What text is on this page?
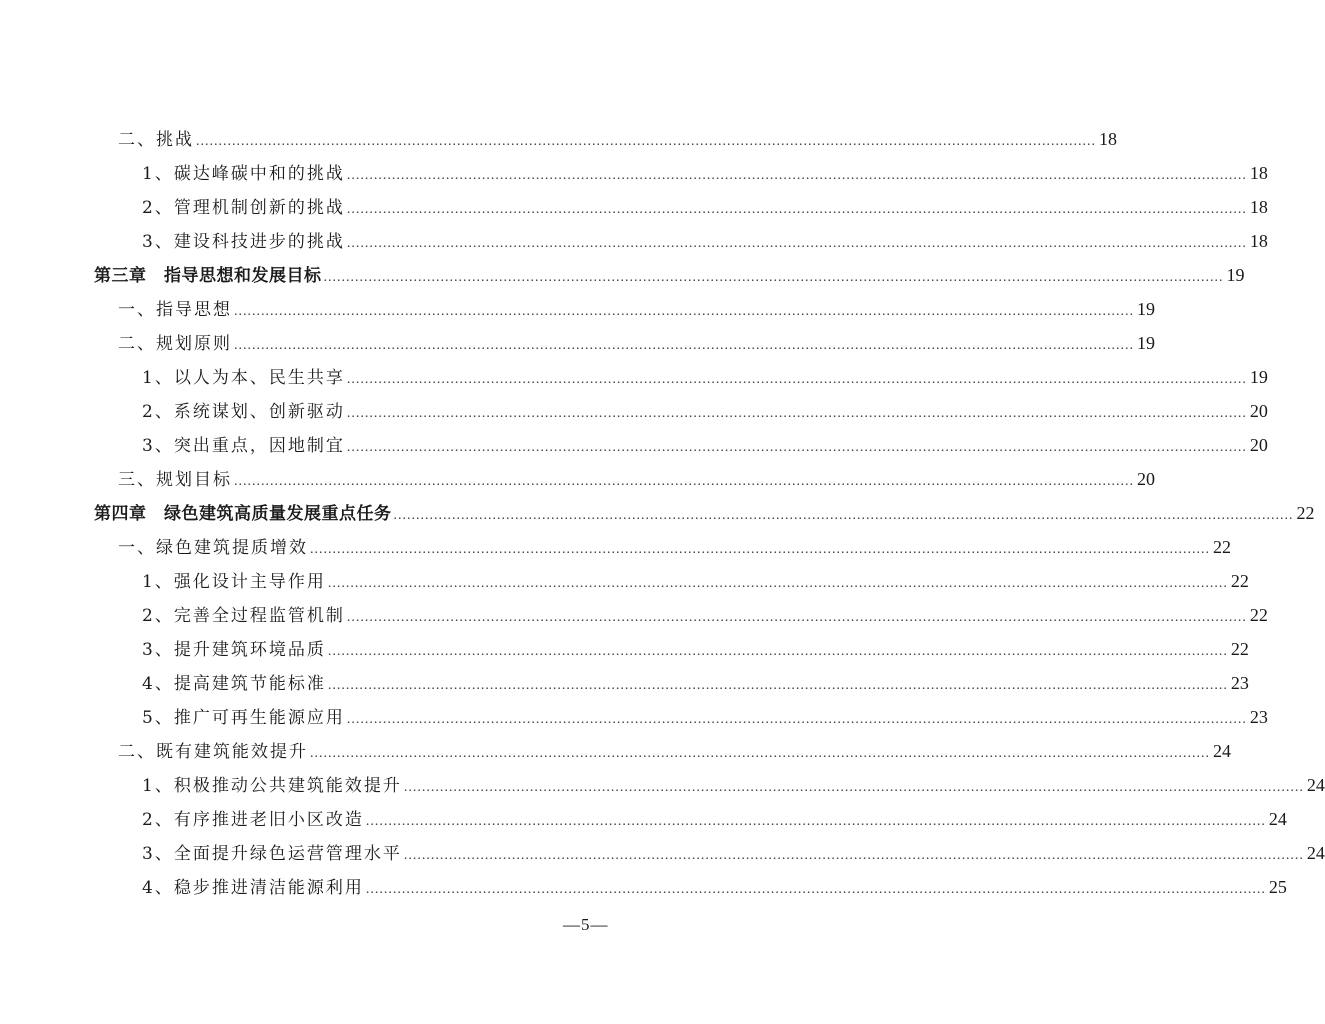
二、挑战 ........................................................................................................................................................................................................ 18
1、碳达峰碳中和的挑战 ........................................................................................................................................................................................................ 18
2、管理机制创新的挑战 ........................................................................................................................................................................................................ 18
3、建设科技进步的挑战 ........................................................................................................................................................................................................ 18
第三章　指导思想和发展目标 ........................................................................................................................................................................................................ 19
一、指导思想 ........................................................................................................................................................................................................ 19
二、规划原则 ........................................................................................................................................................................................................ 19
1、以人为本、民生共享 ........................................................................................................................................................................................................ 19
2、系统谋划、创新驱动 ........................................................................................................................................................................................................ 20
3、突出重点，因地制宜 ........................................................................................................................................................................................................ 20
三、规划目标 ........................................................................................................................................................................................................ 20
第四章　绿色建筑高质量发展重点任务 ........................................................................................................................................................................................................ 22
一、绿色建筑提质增效 ........................................................................................................................................................................................................ 22
1、强化设计主导作用 ........................................................................................................................................................................................................ 22
2、完善全过程监管机制 ........................................................................................................................................................................................................ 22
3、提升建筑环境品质 ........................................................................................................................................................................................................ 22
4、提高建筑节能标准 ........................................................................................................................................................................................................ 23
5、推广可再生能源应用 ........................................................................................................................................................................................................ 23
二、既有建筑能效提升 ........................................................................................................................................................................................................ 24
1、积极推动公共建筑能效提升 ........................................................................................................................................................................................................ 24
2、有序推进老旧小区改造 ........................................................................................................................................................................................................ 24
3、全面提升绿色运营管理水平 ........................................................................................................................................................................................................ 24
4、稳步推进清洁能源利用 ........................................................................................................................................................................................................ 25
—5—
